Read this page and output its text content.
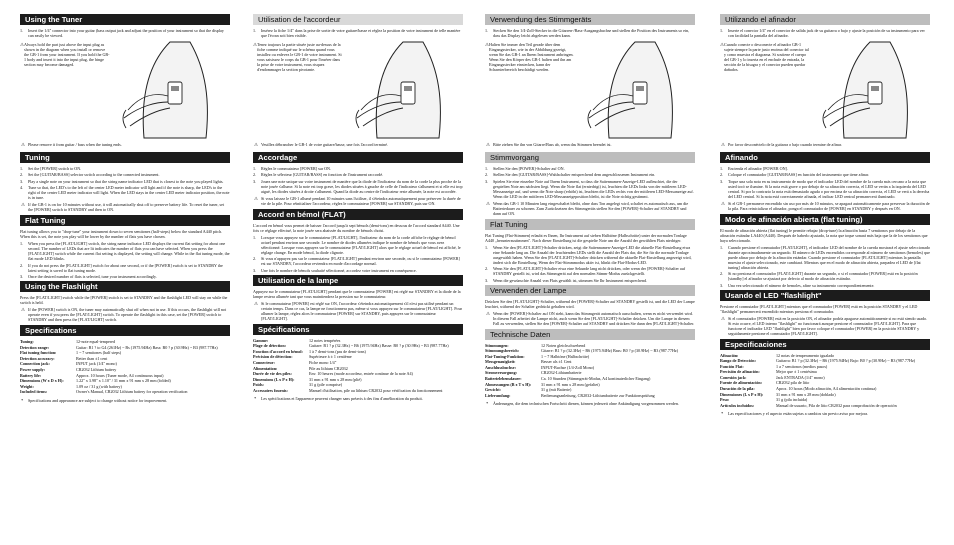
Using the Tuner
1. Insert the 1/4" connector into your guitar (bass output jack and adjust the position of your instrument so that the display can easily be viewed.
⚠ Always hold the part just above the input plug as shown in the diagram when you install or remove the GB-1 from your instrument. If you hold the GB-1 body and insert it into the input plug, the hinge section may become damaged.
⚠ Please remove it from guitar / bass when the tuning ends.
Tuning
1. Set the [POWER] switch to ON.
2. Set the [GUITAR/BASS] selector switch according to the connected instrument.
3. Play a single note on your instrument so that the string name indicator LED that is closest to the note you played lights.
4. Tune so that, the LED's to the left of the center LED meter indicator will light and if the note is sharp, the LED's to the right of the center LED meter indicator will light. When the LED stays in the center LED meter indicator position, the note is in tune.
⚠ If the GB-1 is on for 10 minutes without use, it will automatically shut off to preserve battery life. To reset the tuner, set the [POWER] switch to STANDBY and then to ON.
Flat Tuning

Flat tuning allows you to "drop-tune" your instrument down to seven semitones (half-steps) below the standard A440 pitch. When this is set, the note you play will be lower by the number of flats you have chosen.

1. When you press the [FLAT/LIGHT] switch, the string name indicator LED displays the current flat setting for about one second. The number of LEDs that are lit indicates the number of flats you can have selected. When you press the [FLAT/LIGHT] switch while the current flat setting is displayed, the setting will change. While in the flat tuning mode, the flat mode LED blinks.
2. If you do not press the [FLAT/LIGHT] switch for about one second, or if the [POWER] switch is set to STANDBY the latest setting is saved to flat tuning mode.
3. Once the desired number of flats is selected, tune your instrument accordingly.
Using the Flashlight

Press the [FLAT/LIGHT] switch while the [POWER] switch is set to STANDBY and the flashlight LED will stay on while the switch is held.

⚠ If the [POWER] switch is ON, the tuner may automatically shut off when not in use. If this occurs, the flashlight will not operate even if you press the [FLAT/LIGHT] switch. To operate the flashlight in this case, set the [POWER] switch to STANDBY and then press the [FLAT/LIGHT] switch.
Specifications
Tuning:	12-note equal-tempered
Detection range:	Guitar: B1 ? to G4 (261Hz) ~ Bs (1975.94Hz) Bass: B0 ? p (30.9Hz) ~ B3 (987.77Hz)
Flat tuning function:	1 ~ 7 semitones (half steps)
Detection accuracy:	Better than ±1 cent
Connection jack:	INPUT jack (1/4" mono)
Power supply:	CR2032 Lithium battery
Battery life:	Approx. 10 hours (Tuner mode, A4 continuous input)
Dimensions (W x D x H):	1.22" x 3.98" x 1.10" / 31 mm x 91 mm x 28 mm (folded)
Weight:	1.09 oz / 31 g (with battery)
Included items:	Owner's Manual, CR2032 Lithium battery for operation verification
* Specifications and appearance are subject to change without notice for improvement.
Utilisation de l'accordeur
1. Insérez la fiche 1/4" dans la prise de sortie de votre guitare/basse et réglez la position de votre instrument de telle manière que l'écran soit bien visible.
⚠ Tenez toujours la partie située juste au-dessus de la fiche comme indiqué sur le schéma quand vous installez ou enlevez le GB-1 de votre instrument. Si vous saisissez le corps du GB-1 pour l'insérer dans la prise de votre instrument, vous risquez d'endommager la section pivotante.
⚠ Veuillez débrancher le GB-1 de votre guitare/basse, une fois l'accord terminé.
Accordage
1. Réglez le commutateur [POWER] sur ON.
2. Réglez le sélecteur [GUITAR/BASS] en fonction de l'instrument raccordé.
3. Jouez une note unique sur votre instrument de manière que la diode de l'indicateur du nom de la corde la plus proche de la note jouée s'allume. Si la note est trop grave, les diodes situées à gauche de celle de l'indicateur s'allument et si elle est trop aiguë, les diodes situées à droite s'allument. Quand la diode au centre de l'indicateur reste allumée, la note est accordée.
⚠ Si vous laissez le GB-1 allumé pendant 10 minutes sans l'utiliser, il s'éteindra automatiquement pour préserver la durée de vie de la pile. Pour réinitialiser l'accordeur, réglez le commutateur [POWER] sur STANDBY, puis sur ON.
Accord en bémol (FLAT)

L'accord en bémol vous permet de baisser l'accord jusqu'à sept bémols (demi-tons) en dessous de l'accord standard A440. Une fois ce réglage effectué, la note jouée sera abaissée du nombre de bémols choisi.

1. Lorsque vous appuyez sur le commutateur [FLAT/LIGHT], l'indicateur du nom de la corde affiche le réglage de bémol actuel pendant environ une seconde. Le nombre de diodes allumées indique le nombre de bémols que vous avez sélectionné. Lorsque vous appuyez sur le commutateur [FLAT/LIGHT] alors que le réglage actuel de bémol est affiché, le réglage change. En mode bémol, la diode clignote.
2. Si vous n'appuyez pas sur le commutateur [FLAT/LIGHT] pendant environ une seconde, ou si le commutateur [POWER] est sur STANDBY, l'accordeur reviendra en mode d'accordage normal.
3. Une fois le nombre de bémols souhaité sélectionné, accordez votre instrument en conséquence.
Utilisation de la lampe

Appuyez sur le commutateur [FLAT/LIGHT] pendant que le commutateur [POWER] est réglé sur STANDBY et la diode de la lampe restera allumée tant que vous maintiendrez la pression sur le commutateur.

⚠ Si le commutateur [POWER] est réglé sur ON, l'accordeur s'éteindra automatiquement s'il n'est pas utilisé pendant un certain temps. Dans ce cas, la lampe ne fonctionnera pas, même si vous appuyez sur le commutateur [FLAT/LIGHT]. Pour allumer la lampe, réglez alors le commutateur [POWER] sur STANDBY, puis appuyez sur le commutateur [FLAT/LIGHT].
Spécifications
Gamme:	12 notes tempérées
Plage de détection:	Guitare: B1 ? p (32.3Hz) ~ B6 (1975.94Hz) Basse: B0 ? p (30.9Hz) ~ B3 (987.77Hz)
Fonction d'accord en bémol:	1 à 7 demi-tons (pas de demi-tons)
Précision de détection:	Supérieure à ± 1 centième
Connecteur:	Fiche mono 1/4"
Alimentation:	Pile au lithium CR2032
Durée de vie des piles:	Env. 10 heures (mode accordeur, entrée continue de la note A4)
Dimensions (L x P x H):	31 mm x 91 mm x 28 mm (plié)
Poids:	31 g (pile comprise)
Accessoires fournis:	Manuel d'utilisation, pile au lithium CR2032 pour vérification du fonctionnement
* Les spécifications et l'apparence peuvent changer sans préavis à des fins d'amélioration du produit.
Verwendung des Stimmgeräts
1. Stecken Sie den 1/4-Zoll-Stecker in die Gitarren-/Bass-Ausgangsbuchse und stellen die Position des Instruments so ein, dass das Display leicht abgelesen werden kann.
⚠ Halten Sie immer den Teil gerade über dem Eingangsstecker, wie in der Abbildung gezeigt, wenn Sie das GB-1 an Ihrem Instrument anbringen. Wenn Sie den Körper des GB-1 halten und ihn am Eingangsstecker einstecken, kann der Scharnierbereich beschädigt werden.
⚠ Bitte ziehen Sie ihn von Gitarre/Bass ab, wenn das Stimmen beendet ist.
Stimmvorgang
1. Stellen Sie den [POWER]-Schalter auf ON.
2. Stellen Sie den [GUITAR/BASS]-Wahlschalter entsprechend dem angeschlossenen Instrument ein.
3. Spielen Sie eine einzelne Note auf Ihrem Instrument, so dass die Saitennamen-Anzeige-LED aufleuchtet, die der gespielten Note am nächsten liegt. Wenn die Note flat (erniedrigt) ist, leuchten die LEDs links von der mittleren LED-Messanzeige auf, und wenn die Note sharp (erhöht) ist, leuchten die LEDs rechts von der mittleren LED-Messanzeige auf. Wenn die LED in der mittleren LED-Messanzeigeposition bleibt, ist die Note richtig gestimmt.
⚠ Wenn das GB-1 10 Minuten lang eingeschaltet bleibt, ohne dass Ton angelegt wird, schaltet es automatisch aus, um die Batteriedauer zu schonen. Zum Zurücksetzen des Stimmgeräts stellen Sie den [POWER]-Schalter auf STANDBY und dann auf ON.
Flat Tuning

Flat Tuning (Flat-Stimmen) erlaubt es Ihnen, Ihr Instrument auf sieben Halbtöne (Halbschritte) unter der normalen Tonlage A440 „herunterzustimmen". Nach dieser Einstellung ist die gespielte Note um die Anzahl der gewählten Flats niedriger.

1. Wenn Sie den [FLAT/LIGHT]-Schalter drücken, zeigt die Saitennamen-Anzeige-LED die aktuelle Flat-Einstellung etwa eine Sekunde lang an. Die Anzahl der leuchtenden LEDs stellt die Anzahl der Flats dar, die Sie für die normale Tonlage ausgewählt haben. Wenn Sie den [FLAT/LIGHT]-Schalter drücken während die aktuelle Flat-Einstellung angezeigt wird, ändert sich die Einstellung. Wenn der Flat-Stimmmodus aktiv ist, blinkt die Flat-Modus-LED.
2. Wenn Sie den [FLAT/LIGHT]-Schalter etwa eine Sekunde lang nicht drücken, oder wenn der [POWER]-Schalter auf STANDBY gestellt ist, wird das Stimmgerät auf den normalen Stimm-Modus zurückgestellt.
3. Wenn die gewünschte Anzahl von Flats gewählt ist, stimmen Sie Ihr Instrument entsprechend.
Verwenden der Lampe

Drücken Sie den [FLAT/LIGHT]-Schalter, während der [POWER]-Schalter auf STANDBY gestellt ist, und die LED der Lampe leuchtet, während der Schalter gedrückt gehalten wird.

⚠ Wenn der [POWER]-Schalter auf ON steht, kann das Stimmgerät automatisch ausschalten, wenn es nicht verwendet wird. In diesem Fall arbeitet die Lampe nicht, auch wenn Sie den [FLAT/LIGHT]-Schalter drücken. Um die Lampe in diesem Fall zu verwenden, stellen Sie den [POWER]-Schalter auf STANDBY und drücken Sie dann den [FLAT/LIGHT]-Schalter.
Technische Daten
Stimmungen:	12 Noten gleichschwebend
Stimmungsbereich:	Gitarre: B1 ? p (32.3Hz) ~ B6 (1975.94Hz) Bass: B0 ? p (30.9Hz) ~ B3 (987.77Hz)
Flat-Tuning-Funktion:	1 ~ 7 Halbtöne (Halbschritte)
Messgenauigkeit:	Besser als ±1 Cent
Anschlussbuchse:	INPUT-Buchse (1/4-Zoll Mono)
Stromversorgung:	CR2032-Lithiumbatterie
Batterielebensdauer:	Ca. 10 Stunden (Stimmgerät-Modus, A4 kontinuierlicher Eingang)
Abmessungen (B x T x H):	31 mm x 91 mm x 28 mm (gefaltet)
Gewicht:	31 g (mit Batterie)
Lieferumfang:	Bedienungsanleitung, CR2032-Lithiumbatterie zur Funktionsprüfung
* Änderungen, die dem technischen Fortschritt dienen, können jederzeit ohne Ankündigung vorgenommen werden.
Utilizando el afinador
1. Inserte el conector 1/4" en el conector de salida jack de su guitarra o bajo y ajuste la posición de su instrumento para ver con facilidad la pantalla del afinador.
⚠ Cuando conecte o desconecte el afinador GB-1 sujete siempre la parte justo encima del conector tal y como muestra el diagrama. Si sostiene el cuerpo del GB-1 y lo inserta en el enchufe de entrada, la sección de la bisagra y el conector pueden quedar dañados.
⚠ Por favor desconéctelo de la guitarra o bajo cuando termine de afinar.
Afinando
1. Encienda el afinador [POWER ON].
2. Coloque el conmutador [GUITAR/BASS] en función del instrumento que tiene afinar.
3. Toque una sola nota en su instrumento de modo que el indicador LED del nombre de la cuerda más cercano a la nota que usted tocó se ilumine. Si la nota está grave o por debajo de su afinación correcta, el LED se verán a la izquierda del LED central. Si por lo contrario la nota está demasiado aguda o por encima de su afinación correcta, el LED se verá a la derecha del LED central. Si la nota está correctamente afinada, el indicar LED central permanecerá iluminado.
⚠ Si el GB-1 permanece encendido sin uso por más de 10 minutos, se apagará automáticamente para preservar la duración de la pila. Para reinicializar el afinador, ponga el conmutador de [POWER] en STANDBY y después en ON.
Modo de afinación abierta (flat tuning)

El modo de afinación abierta (flat tuning) le permite rebajar (drop-tune) la afinación hasta 7 semitonos por debajo de la afinación estándar LA440 (A440). Después de haberlo ajustado, la nota que toque sonará más baja que la de los semitonos que haya seleccionado.

1. Cuando presione el conmutador [FLAT/LIGHT], el indicador LED del nombre de la cuerda mostrará el ajuste seleccionado durante aproximadamente un segundo. El número de LEDs encendidos corresponde al número de semitonos (bemoles) que puede afinar por debajo de la afinación estándar. Cuando presione el conmutador [FLAT/LIGHT] mientras la pantalla muestra el ajuste seleccionado, este cambiará. Mientras que en el modo de afinación abierta, parpadea el LED de [flat tuning] afinación abierta.
2. Si no presiona el conmutador [FLAT/LIGHT] durante un segundo, o si el conmutador [POWER] está en la posición [standby] el afinador se ajustará por defecto al modo de afinación estándar.
3. Una vez seleccionado el número de bemoles, afine su instrumento correspondientemente.
Usando el LED "flashlight"

Presione el conmutador [FLAT/LIGHT] mientras que el conmutador [POWER] está en la posición STANDBY y el LED "flashlight" permanecerá encendido mientras presiona el conmutador.

⚠ Si el conmutador [POWER] está en la posición ON, el afinador podría apagarse automáticamente si no está siendo usado. Si esto ocurre, el LED interno "flashlight" no funcionará aunque presione el conmutador [FLAT/LIGHT]. Para que funcione el indicador LED "flashlight" bien por favor coloque el conmutador [POWER] en la posición STANDBY y seguidamente presione el conmutador [FLAT/LIGHT].
Especificaciones
Afinación:	12 notas de temperamento igualado
Rango de Detección:	Guitarra: B1 ? p (32.3Hz) ~ B6 (1975.94Hz) Bajo: B0 ? p (30.9Hz) ~ B3 (987.77Hz)
Función Flat:	1 a 7 semitonos (medios pasos)
Precisión de afinación:	Mejor que ± 1 centésima
Conexión jack:	Jack ENTRADA (1/4" mono)
Fuente de alimentación:	CR2032 pila de litio
Duración de la pila:	Aprox. 10 horas (Modo afinación, A4 alimentación continua)
Dimensiones (L x P x H):	31 mm x 91 mm x 28 mm (doblado)
Peso:	31 g (pila incluida)
Artículos incluidos:	Manual de usuario, Pila de litio CR2032 para comprobación de operación
* Las especificaciones y el aspecto están sujetas a cambios sin previo aviso por mejora.
